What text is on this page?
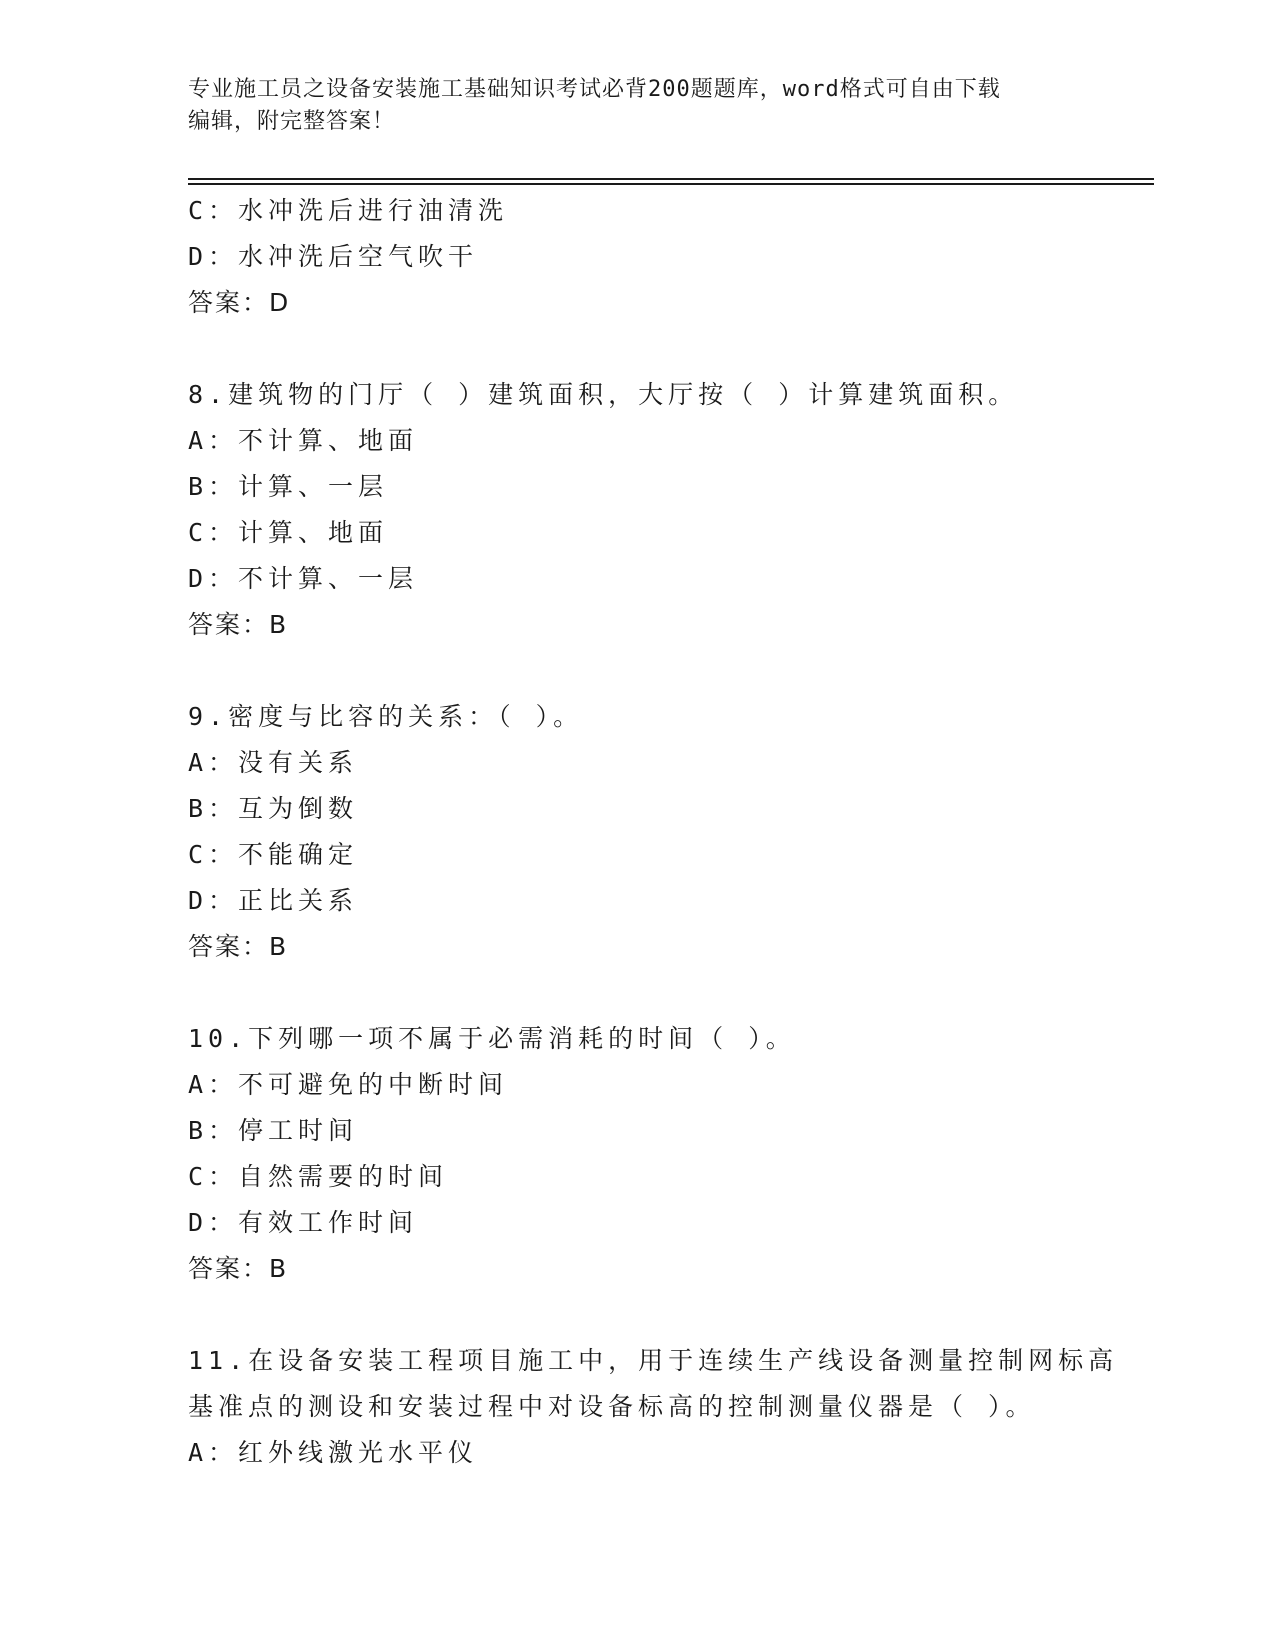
专业施工员之设备安装施工基础知识考试必背200题题库，word格式可自由下载
编辑，附完整答案！
C：水冲洗后进行油清洗
D：水冲洗后空气吹干
答案：D
8.建筑物的门厅（ ）建筑面积，大厅按（ ）计算建筑面积。
A：不计算、地面
B：计算、一层
C：计算、地面
D：不计算、一层
答案：B
9.密度与比容的关系：（ ）。
A：没有关系
B：互为倒数
C：不能确定
D：正比关系
答案：B
10.下列哪一项不属于必需消耗的时间（ ）。
A：不可避免的中断时间
B：停工时间
C：自然需要的时间
D：有效工作时间
答案：B
11.在设备安装工程项目施工中，用于连续生产线设备测量控制网标高
基准点的测设和安装过程中对设备标高的控制测量仪器是（ ）。
A：红外线激光水平仪
